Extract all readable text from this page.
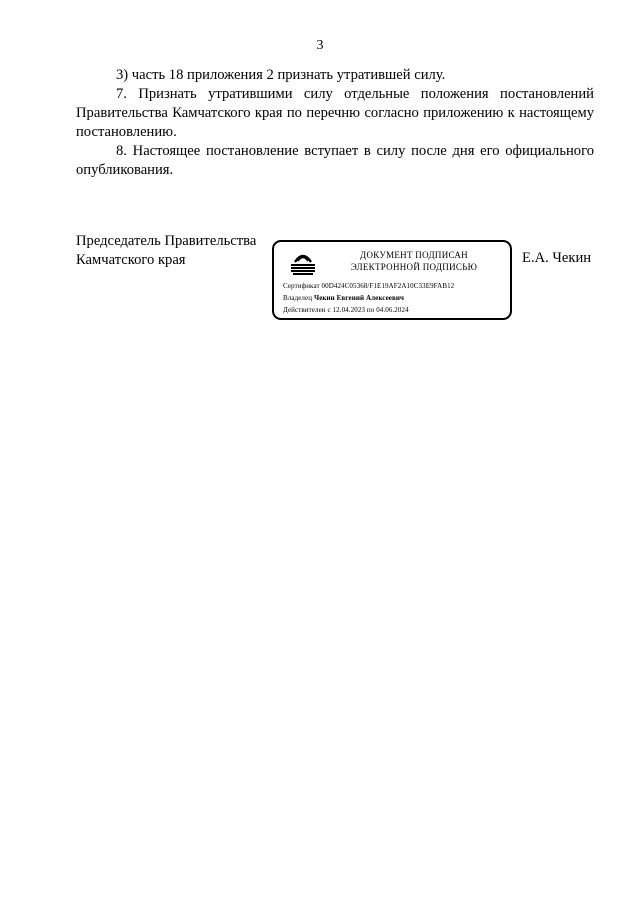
3

3) часть 18 приложения 2 признать утратившей силу.

7. Признать утратившими силу отдельные положения постановлений Правительства Камчатского края по перечню согласно приложению к настоящему постановлению.

8. Настоящее постановление вступает в силу после дня его официального опубликования.

Председатель Правительства
Камчатского края	ДОКУМЕНТ ПОДПИСАН
ЭЛЕКТРОННОЙ ПОДПИСЬЮ
Сертификат 00D424C05368/F1E19AF2A10C33E9FAB12
Владелец Чекин Евгений Алексеевич
Действителен с 12.04.2023 по 04.06.2024
Е.А. Чекин
